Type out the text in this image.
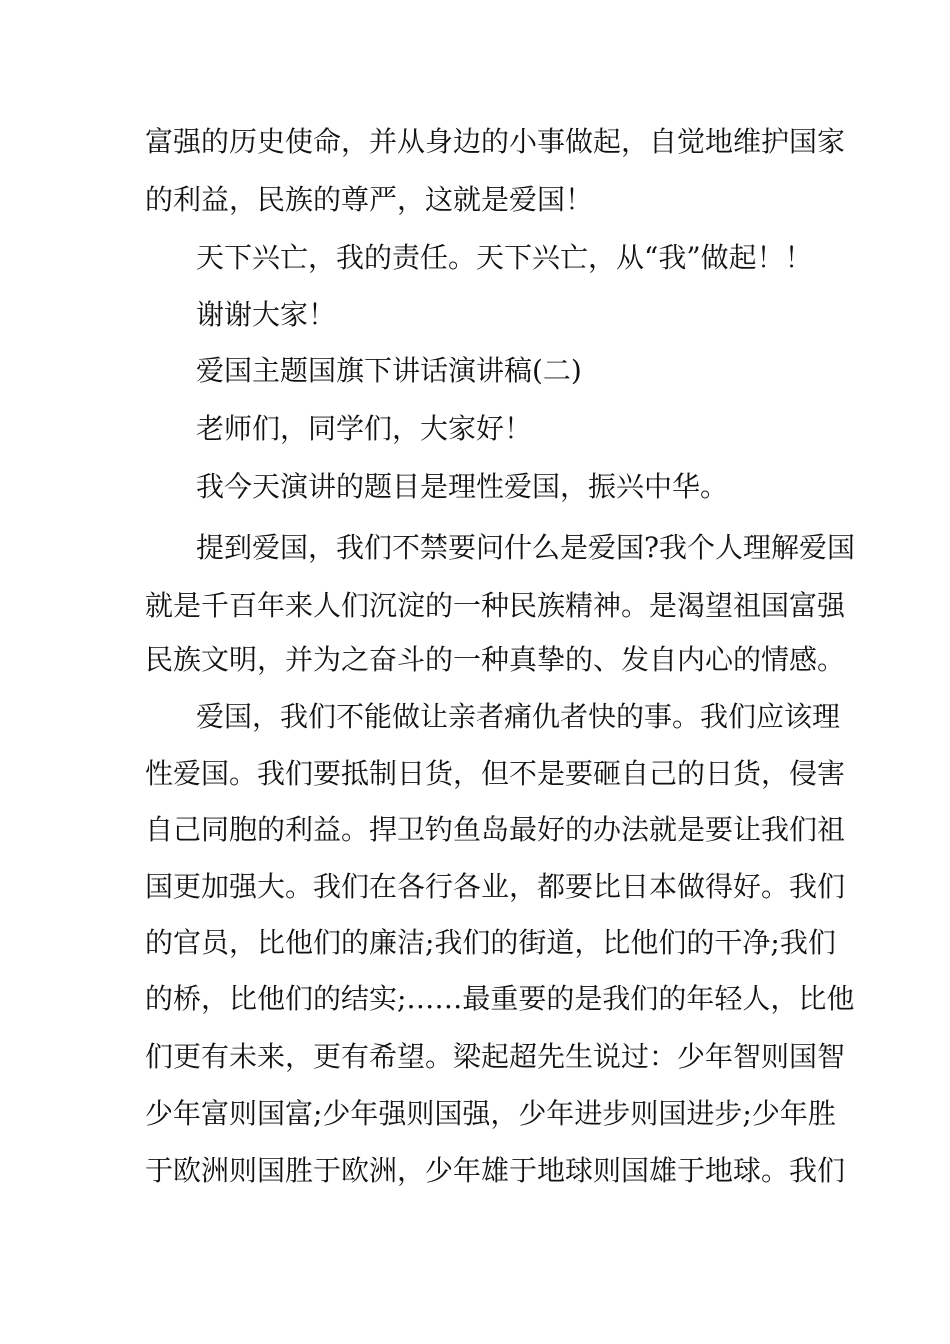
富强的历史使命，并从身边的小事做起，自觉地维护国家
的利益，民族的尊严，这就是爱国！
天下兴亡，我的责任。天下兴亡，从“我”做起！！
谢谢大家！
爱国主题国旗下讲话演讲稿(二)
老师们，同学们，大家好！
我今天演讲的题目是理性爱国，振兴中华。
提到爱国，我们不禁要问什么是爱国?我个人理解爱国
就是千百年来人们沉淀的一种民族精神。是渴望祖国富强
民族文明，并为之奋斗的一种真挚的、发自内心的情感。
爱国，我们不能做让亲者痛仇者快的事。我们应该理
性爱国。我们要抵制日货，但不是要砸自己的日货，侵害
自己同胞的利益。捍卫钓鱼岛最好的办法就是要让我们祖
国更加强大。我们在各行各业，都要比日本做得好。我们
的官员，比他们的廉洁;我们的街道，比他们的干净;我们
的桥，比他们的结实;……最重要的是我们的年轻人，比他
们更有未来，更有希望。梁起超先生说过：少年智则国智
少年富则国富;少年强则国强，少年进步则国进步;少年胜
于欧洲则国胜于欧洲，少年雄于地球则国雄于地球。我们
